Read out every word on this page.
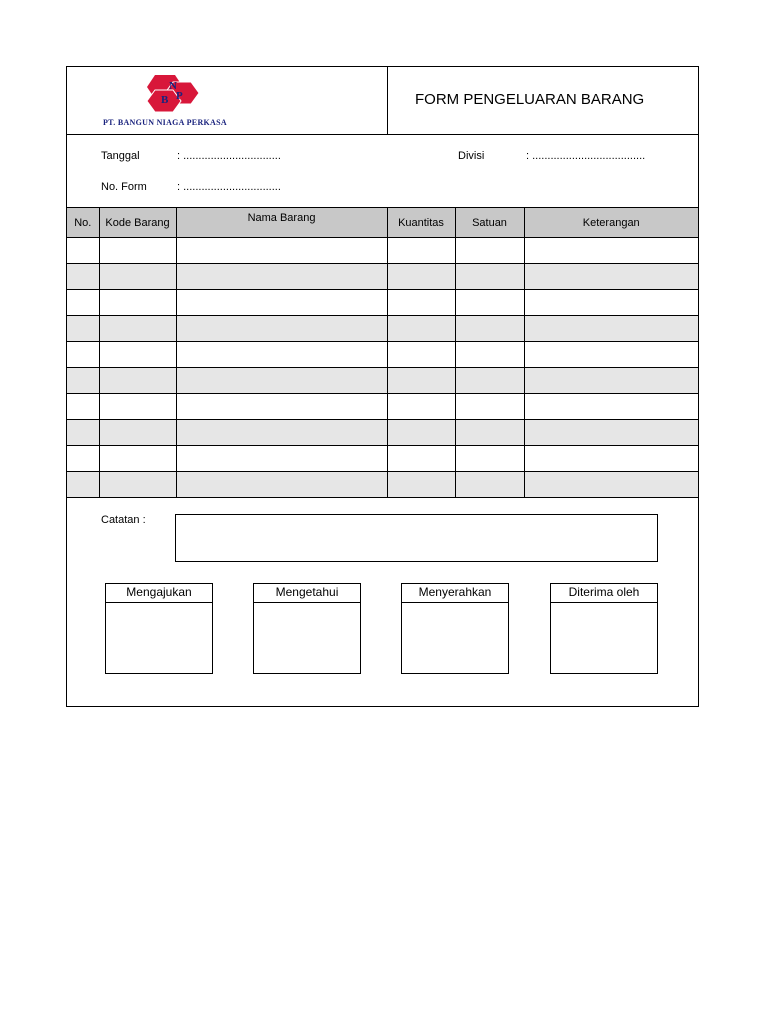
B
N
P
PT. BANGUN NIAGA PERKASA
FORM PENGELUARAN BARANG
Tanggal	: ................................
No. Form	: ................................
Divisi	: .....................................
No.	Kode Barang	Nama Barang	Kuantitas	Satuan	Keterangan

Catatan :
Mengajukan	Mengetahui	Menyerahkan	Diterima oleh
